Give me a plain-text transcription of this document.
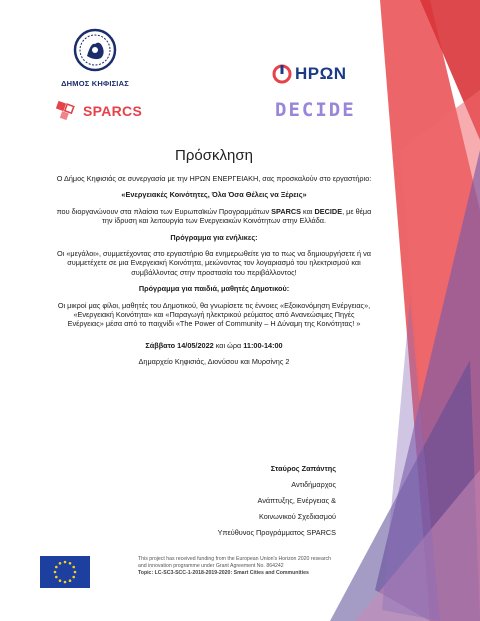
ΔΗΜΟΣ ΚΗΦΙΣΙΑΣ
SPARCS
ΗΡΩΝ
DECIDE
Πρόσκληση
Ο Δήμος Κηφισιάς σε συνεργασία με την ΗΡΩΝ ΕΝΕΡΓΕΙΑΚΗ, σας προσκαλούν στο εργαστήριο:
«Ενεργειακές Κοινότητες, Όλα Όσα Θέλεις να Ξέρεις»
που διοργανώνουν στα πλαίσια των Ευρωπαϊκών Προγραμμάτων SPARCS και DECIDE, με θέμα την ίδρυση και λειτουργία των Ενεργειακών Κοινότητων στην Ελλάδα.
Πρόγραμμα για ενήλικες:
Οι «μεγάλοι», συμμετέχοντας στο εργαστήριο θα ενημερωθείτε για το πως να δημιουργήσετε ή να συμμετέχετε σε μια Ενεργειακή Κοινότητα, μειώνοντας τον λογαριασμό του ηλεκτρισμού και συμβάλλοντας στην προστασία του περιβάλλοντος!
Πρόγραμμα για παιδιά, μαθητές Δημοτικού:
Οι μικροί μας φίλοι, μαθητές του Δημοτικού, θα γνωρίσετε τις έννοιες «Εξοικονόμηση Ενέργειας», «Ενεργειακή Κοινότητα» και «Παραγωγή ηλεκτρικού ρεύματος από Ανανεώσιμες Πηγές Ενέργειας» μέσα από το παιχνίδι «The Power of Community – Η Δύναμη της Κοινότητας! »
Σάββατο 14/05/2022 και ώρα 11:00-14:00
Δημαρχείο Κηφισιάς, Διονύσου και Μυρσίνης 2
Σταύρος Ζαπάντης
Αντιδήμαρχος
Ανάπτυξης, Ενέργειας &
Κοινωνικού Σχεδιασμού
Υπεύθυνος Προγράμματος SPARCS
This project has received funding from the European Union's Horizon 2020 research
and innovation programme under Grant Agreement No. 864242
Topic: LC-SC3-SCC-1-2018-2019-2020: Smart Cities and Communities
